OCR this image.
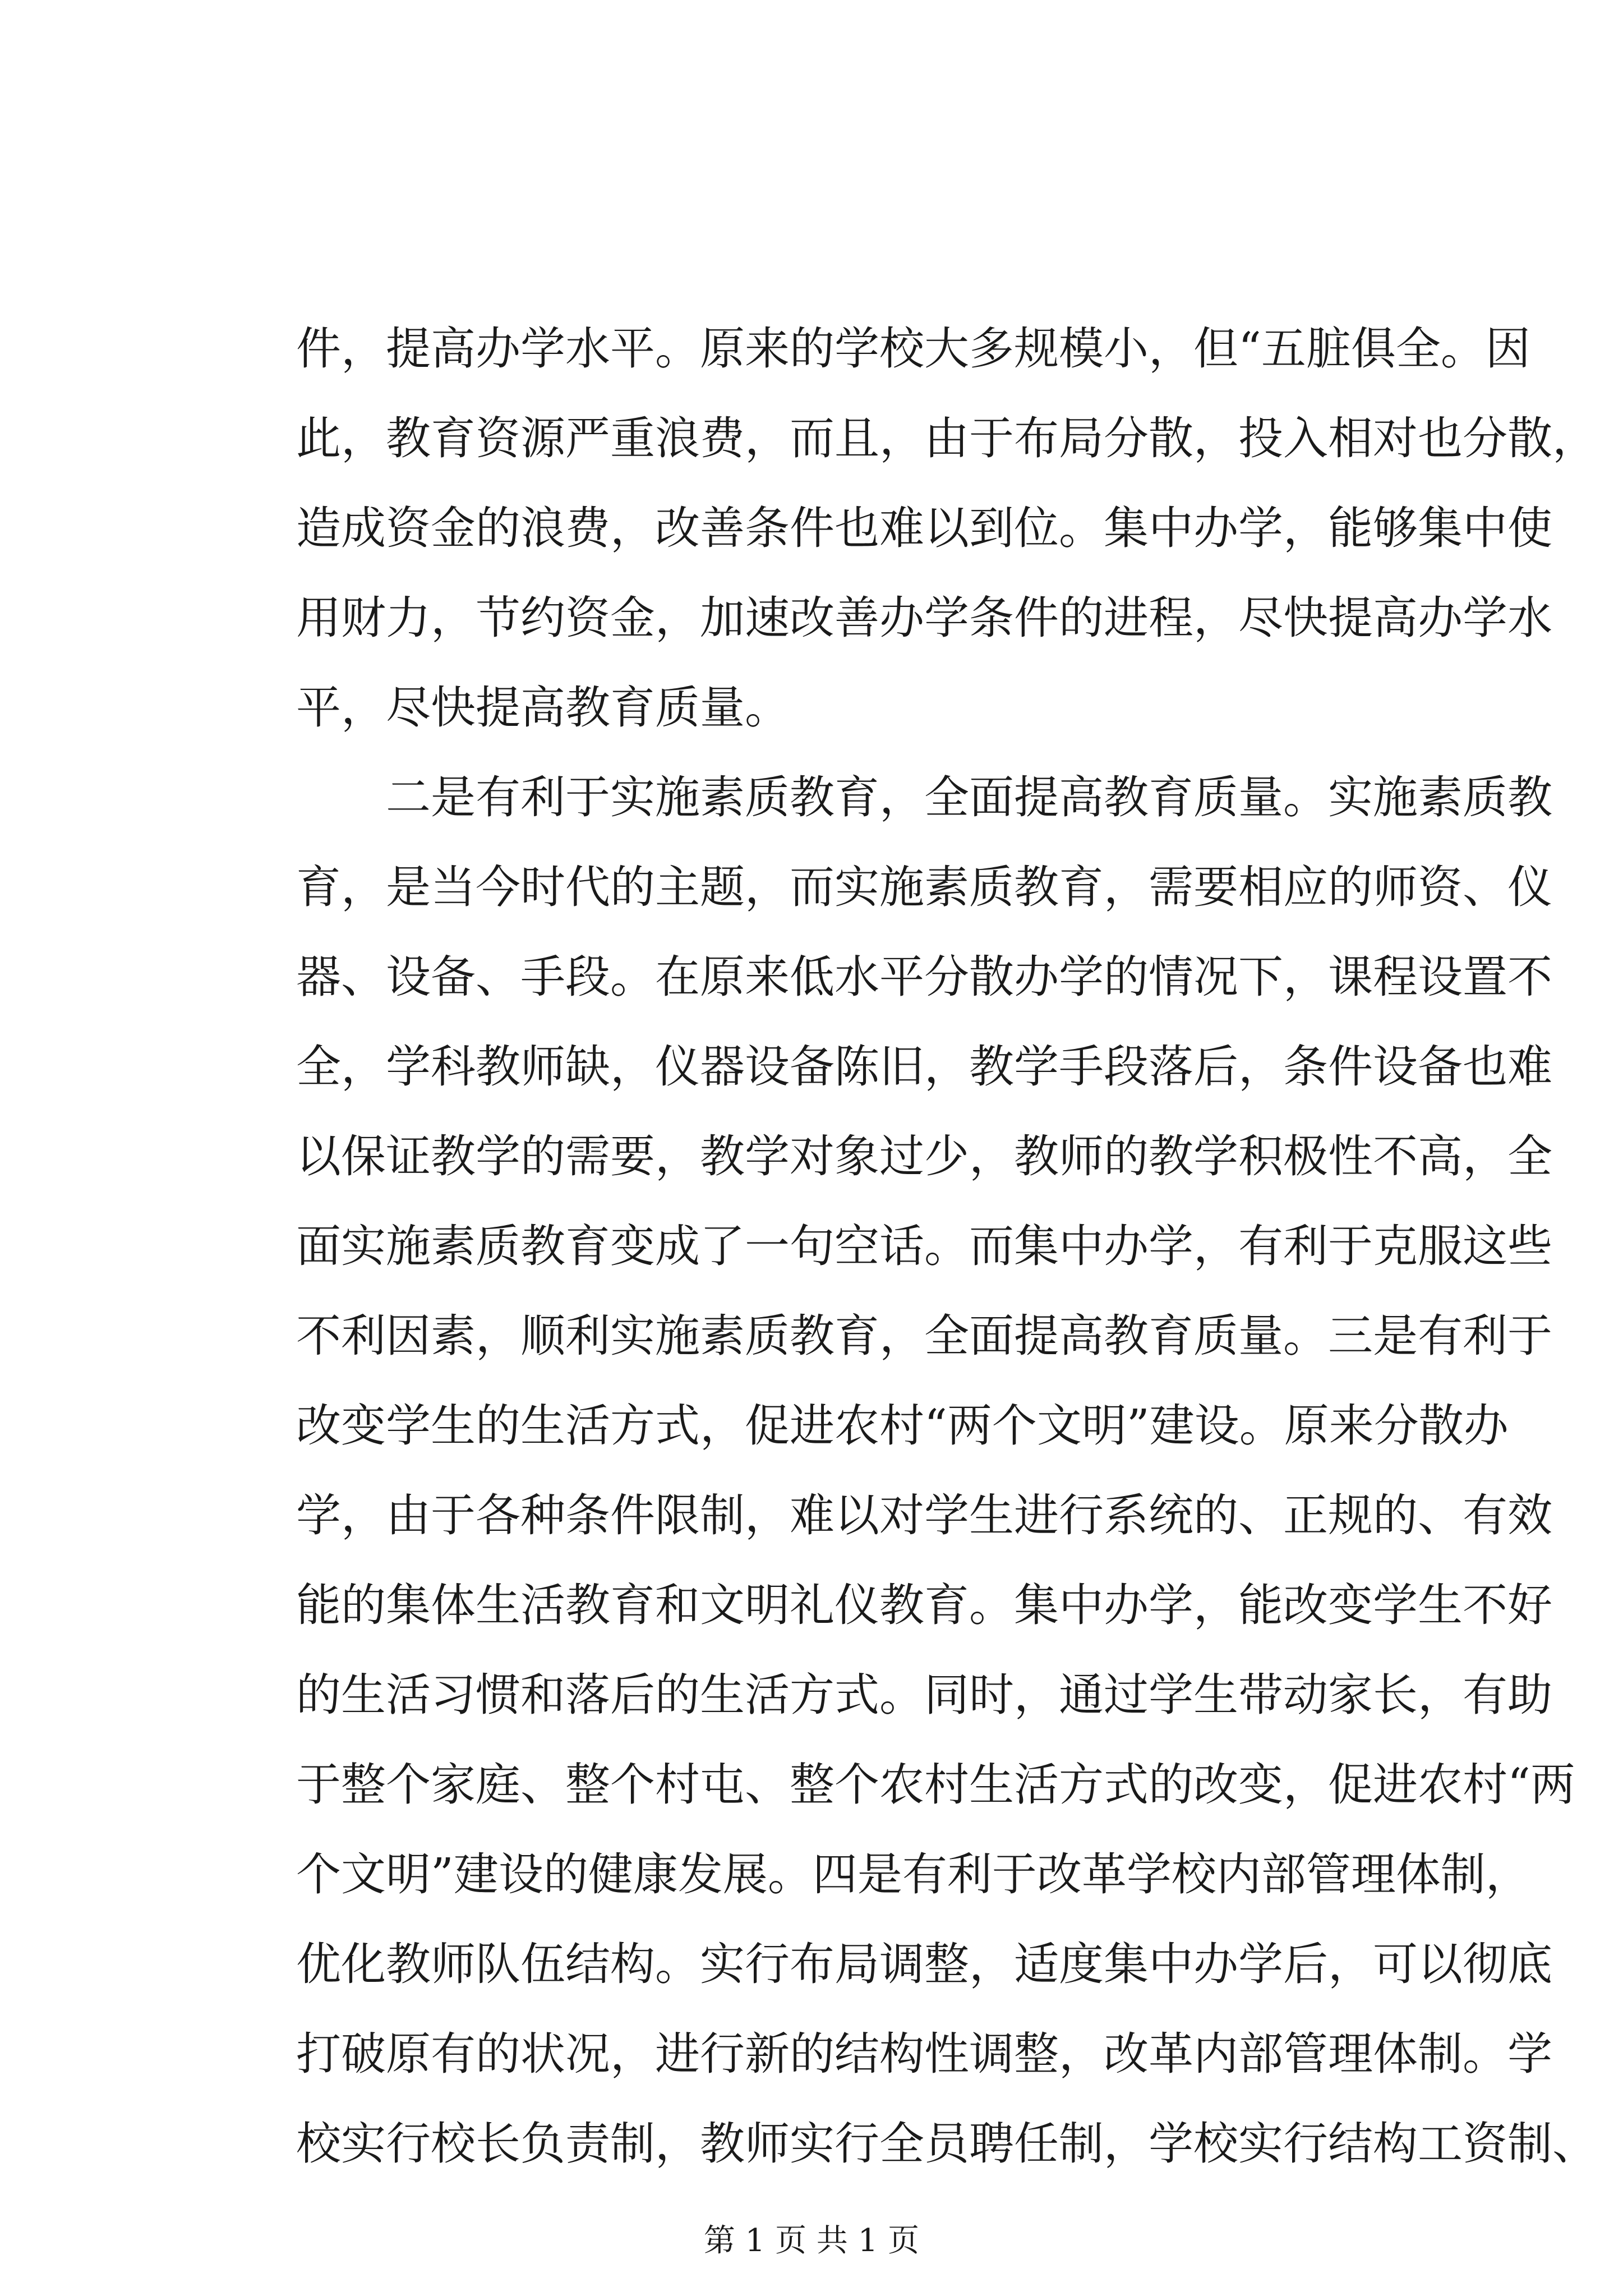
件，提高办学水平。原来的学校大多规模小，但“五脏俱全。因
此，教育资源严重浪费，而且，由于布局分散，投入相对也分散，
造成资金的浪费，改善条件也难以到位。集中办学，能够集中使
用财力，节约资金，加速改善办学条件的进程，尽快提高办学水
平，尽快提高教育质量。
　　二是有利于实施素质教育，全面提高教育质量。实施素质教
育，是当今时代的主题，而实施素质教育，需要相应的师资、仪
器、设备、手段。在原来低水平分散办学的情况下，课程设置不
全，学科教师缺，仪器设备陈旧，教学手段落后，条件设备也难
以保证教学的需要，教学对象过少，教师的教学积极性不高，全
面实施素质教育变成了一句空话。而集中办学，有利于克服这些
不利因素，顺利实施素质教育，全面提高教育质量。三是有利于
改变学生的生活方式，促进农村“两个文明”建设。原来分散办
学，由于各种条件限制，难以对学生进行系统的、正规的、有效
能的集体生活教育和文明礼仪教育。集中办学，能改变学生不好
的生活习惯和落后的生活方式。同时，通过学生带动家长，有助
于整个家庭、整个村屯、整个农村生活方式的改变，促进农村“两
个文明”建设的健康发展。四是有利于改革学校内部管理体制，
优化教师队伍结构。实行布局调整，适度集中办学后，可以彻底
打破原有的状况，进行新的结构性调整，改革内部管理体制。学
校实行校长负责制，教师实行全员聘任制，学校实行结构工资制、
第 1 页 共 1 页
